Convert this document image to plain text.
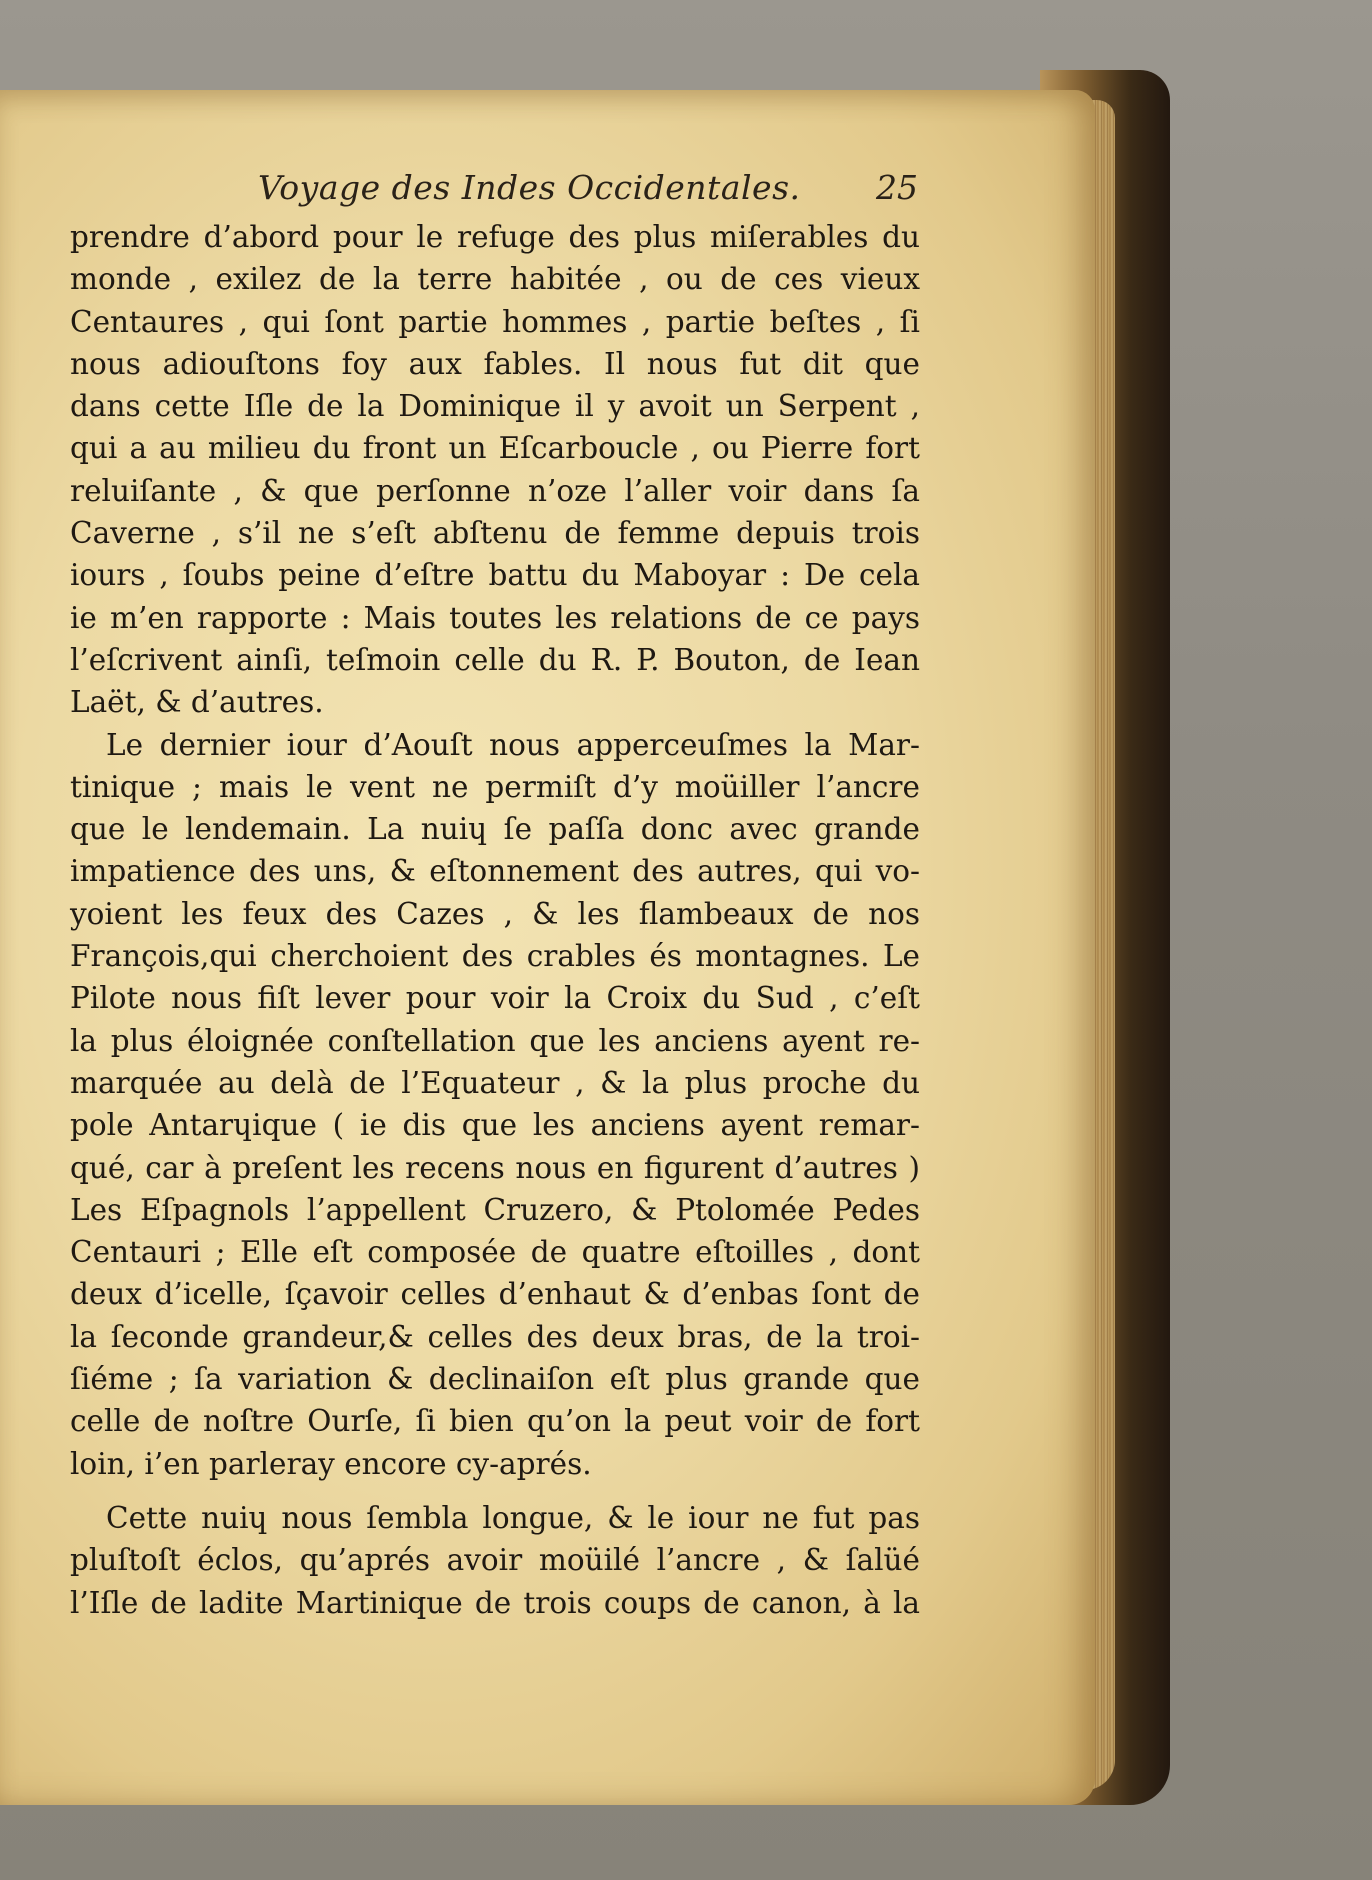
Voyage des Indes Occidentales. 25
prendre d’abord pour le refuge des plus miſerables du
monde , exilez de la terre habitée , ou de ces vieux
Centaures , qui ſont partie hommes , partie beſtes , ſi
nous adiouſtons foy aux fables. Il nous fut dit que
dans cette Iſle de la Dominique il y avoit un Serpent ,
qui a au milieu du front un Eſcarboucle , ou Pierre fort
reluiſante , & que perſonne n’oze l’aller voir dans ſa
Caverne , s’il ne s’eſt abſtenu de femme depuis trois
iours , ſoubs peine d’eſtre battu du Maboyar : De cela
ie m’en rapporte : Mais toutes les relations de ce pays
l’eſcrivent ainſi, teſmoin celle du R. P. Bouton, de Iean
Laët, & d’autres.
Le dernier iour d’Aouſt nous apperceuſmes la Mar-
tinique ; mais le vent ne permiſt d’y moüiller l’ancre
que le lendemain. La nuiɥ ſe paſſa donc avec grande
impatience des uns, & eſtonnement des autres, qui vo-
yoient les feux des Cazes , & les flambeaux de nos
François,qui cherchoient des crables és montagnes. Le
Pilote nous fiſt lever pour voir la Croix du Sud , c’eſt
la plus éloignée conſtellation que les anciens ayent re-
marquée au delà de l’Equateur , & la plus proche du
pole Antarɥique ( ie dis que les anciens ayent remar-
qué, car à preſent les recens nous en figurent d’autres )
Les Eſpagnols l’appellent Cruzero, & Ptolomée Pedes
Centauri ; Elle eſt composée de quatre eſtoilles , dont
deux d’icelle, ſçavoir celles d’enhaut & d’enbas ſont de
la ſeconde grandeur,& celles des deux bras, de la troi-
ſiéme ; ſa variation & declinaiſon eſt plus grande que
celle de noſtre Ourſe, ſi bien qu’on la peut voir de fort
loin, i’en parleray encore cy-aprés.
Cette nuiɥ nous ſembla longue, & le iour ne fut pas
pluſtoſt éclos, qu’aprés avoir moüilé l’ancre , & ſalüé
l’Iſle de ladite Martinique de trois coups de canon, à la
